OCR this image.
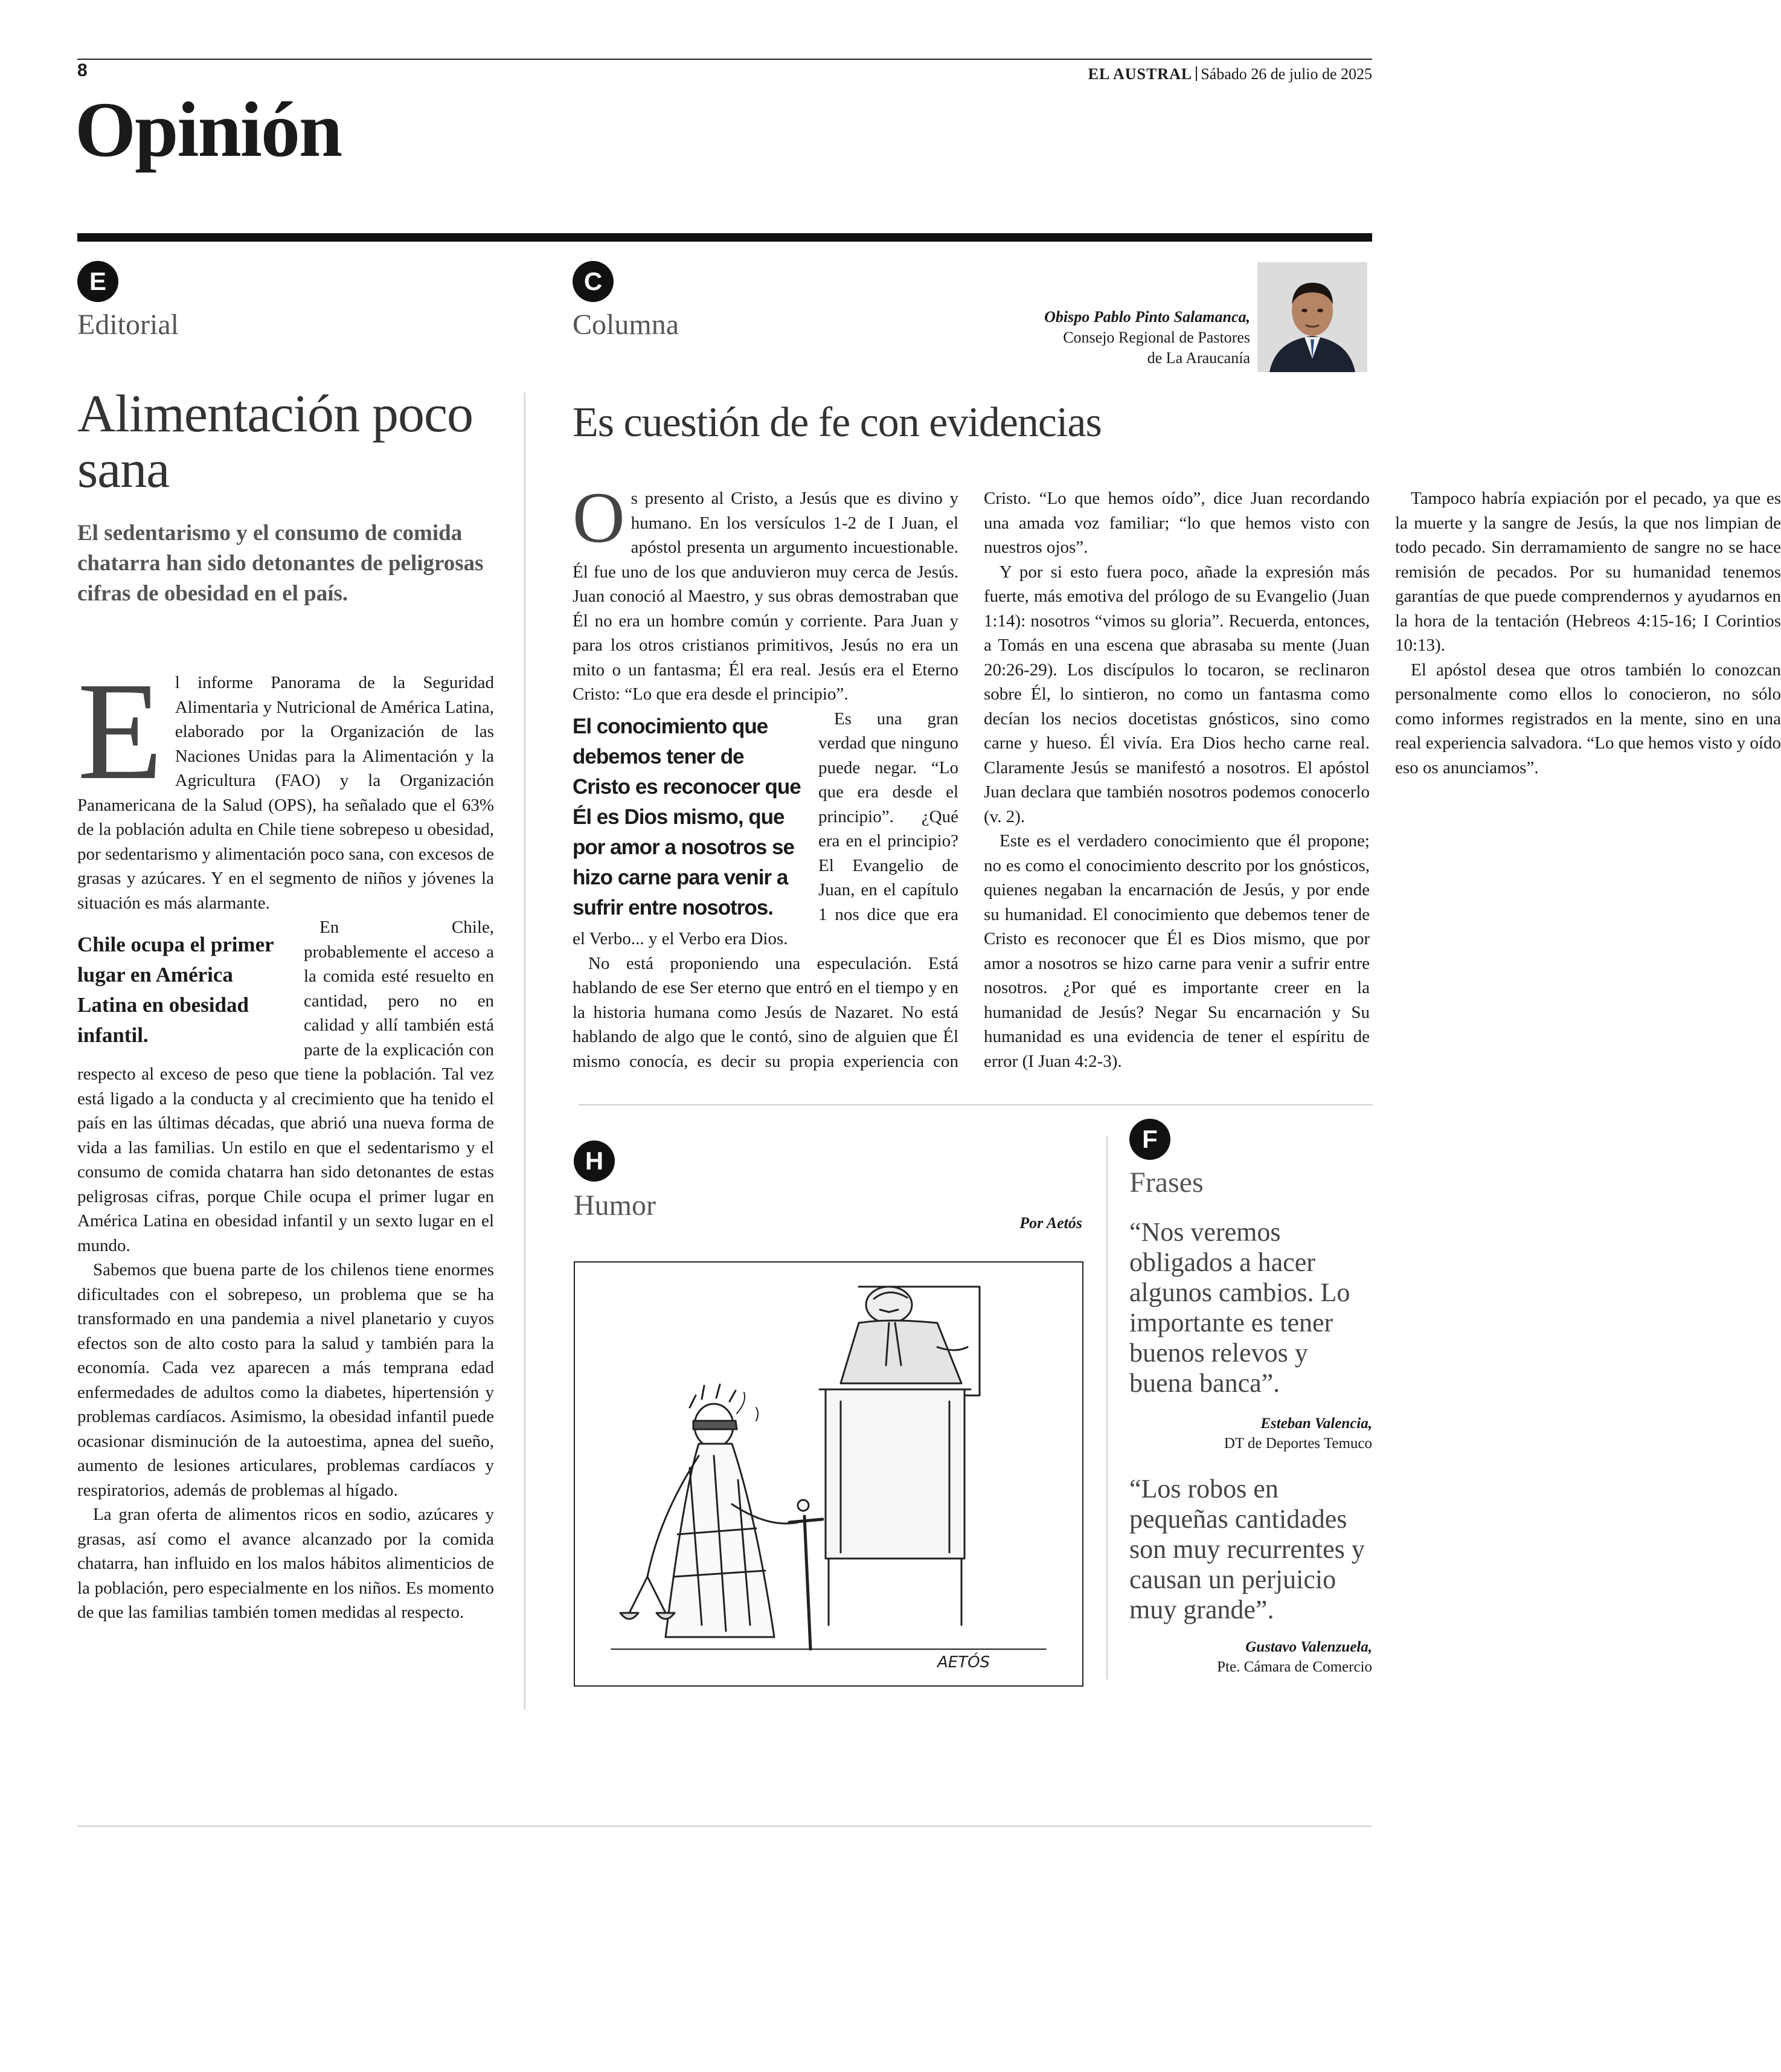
8	EL AUSTRAL Sábado 26 de julio de 2025
Opinión
E
Editorial
Alimentación poco sana
El sedentarismo y el consumo de comida chatarra han sido detonantes de peligrosas cifras de obesidad en el país.

El informe Panorama de la Seguridad Alimentaria y Nutricional de América Latina, elaborado por la Organización de las Naciones Unidas para la Alimentación y la Agricultura (FAO) y la Organización Panamericana de la Salud (OPS), ha señalado que el 63% de la población adulta en Chile tiene sobrepeso u obesidad, por sedentarismo y alimentación poco sana, con excesos de grasas y azúcares. Y en el segmento de niños y jóvenes la situación es más alarmante.

Chile ocupa el primer lugar en América Latina en obesidad infantil.
En Chile, probablemente el acceso a la comida esté resuelto en cantidad, pero no en calidad y allí también está parte de la explicación con respecto al exceso de peso que tiene la población. Tal vez está ligado a la conducta y al crecimiento que ha tenido el país en las últimas décadas, que abrió una nueva forma de vida a las familias. Un estilo en que el sedentarismo y el consumo de comida chatarra han sido detonantes de estas peligrosas cifras, porque Chile ocupa el primer lugar en América Latina en obesidad infantil y un sexto lugar en el mundo.

Sabemos que buena parte de los chilenos tiene enormes dificultades con el sobrepeso, un problema que se ha transformado en una pandemia a nivel planetario y cuyos efectos son de alto costo para la salud y también para la economía. Cada vez aparecen a más temprana edad enfermedades de adultos como la diabetes, hipertensión y problemas cardíacos. Asimismo, la obesidad infantil puede ocasionar disminución de la autoestima, apnea del sueño, aumento de lesiones articulares, problemas cardíacos y respiratorios, además de problemas al hígado.

La gran oferta de alimentos ricos en sodio, azúcares y grasas, así como el avance alcanzado por la comida chatarra, han influido en los malos hábitos alimenticios de la población, pero especialmente en los niños. Es momento de que las familias también tomen medidas al respecto.

C
Columna	Obispo Pablo Pinto Salamanca,
Consejo Regional de Pastores
de La Araucanía
Es cuestión de fe con evidencias

Os presento al Cristo, a Jesús que es divino y humano. En los versículos 1-2 de I Juan, el apóstol presenta un argumento incuestionable. Él fue uno de los que anduvieron muy cerca de Jesús. Juan conoció al Maestro, y sus obras demostraban que Él no era un hombre común y corriente. Para Juan y para los otros cristianos primitivos, Jesús no era un mito o un fantasma; Él era real. Jesús era el Eterno Cristo: “Lo que era desde el principio”.

El conocimiento que debemos tener de Cristo es reconocer que Él es Dios mismo, que por amor a nosotros se hizo carne para venir a sufrir entre nosotros.
Es una gran verdad que ninguno puede negar. “Lo que era desde el principio”. ¿Qué era en el principio? El Evangelio de Juan, en el capítulo 1 nos dice que era el Verbo... y el Verbo era Dios.

No está proponiendo una especulación. Está hablando de ese Ser eterno que entró en el tiempo y en la historia humana como Jesús de Nazaret. No está hablando de algo que le contó, sino de alguien que Él mismo conocía, es decir su propia experiencia con Cristo. “Lo que hemos oído”, dice Juan recordando una amada voz familiar; “lo que hemos visto con nuestros ojos”.

Y por si esto fuera poco, añade la expresión más fuerte, más emotiva del prólogo de su Evangelio (Juan 1:14): nosotros “vimos su gloria”. Recuerda, entonces, a Tomás en una escena que abrasaba su mente (Juan 20:26-29). Los discípulos lo tocaron, se reclinaron sobre Él, lo sintieron, no como un fantasma como decían los necios docetistas gnósticos, sino como carne y hueso. Él vivía. Era Dios hecho carne real. Claramente Jesús se manifestó a nosotros. El apóstol Juan declara que también nosotros podemos conocerlo (v. 2).

Este es el verdadero conocimiento que él propone; no es como el conocimiento descrito por los gnósticos, quienes negaban la encarnación de Jesús, y por ende su humanidad. El conocimiento que debemos tener de Cristo es reconocer que Él es Dios mismo, que por amor a nosotros se hizo carne para venir a sufrir entre nosotros. ¿Por qué es importante creer en la humanidad de Jesús? Negar Su encarnación y Su humanidad es una evidencia de tener el espíritu de error (I Juan 4:2-3).

Tampoco habría expiación por el pecado, ya que es la muerte y la sangre de Jesús, la que nos limpian de todo pecado. Sin derramamiento de sangre no se hace remisión de pecados. Por su humanidad tenemos garantías de que puede comprendernos y ayudarnos en la hora de la tentación (Hebreos 4:15-16; I Corintios 10:13).

El apóstol desea que otros también lo conozcan personalmente como ellos lo conocieron, no sólo como informes registrados en la mente, sino en una real experiencia salvadora. “Lo que hemos visto y oído eso os anunciamos”.

H
Humor
Por Aetós
AETÓS
F
Frases
“Nos veremos obligados a hacer algunos cambios. Lo importante es tener buenos relevos y buena banca”.
Esteban Valencia,
DT de Deportes Temuco
“Los robos en pequeñas cantidades son muy recurrentes y causan un perjuicio muy grande”.
Gustavo Valenzuela,
Pte. Cámara de Comercio
